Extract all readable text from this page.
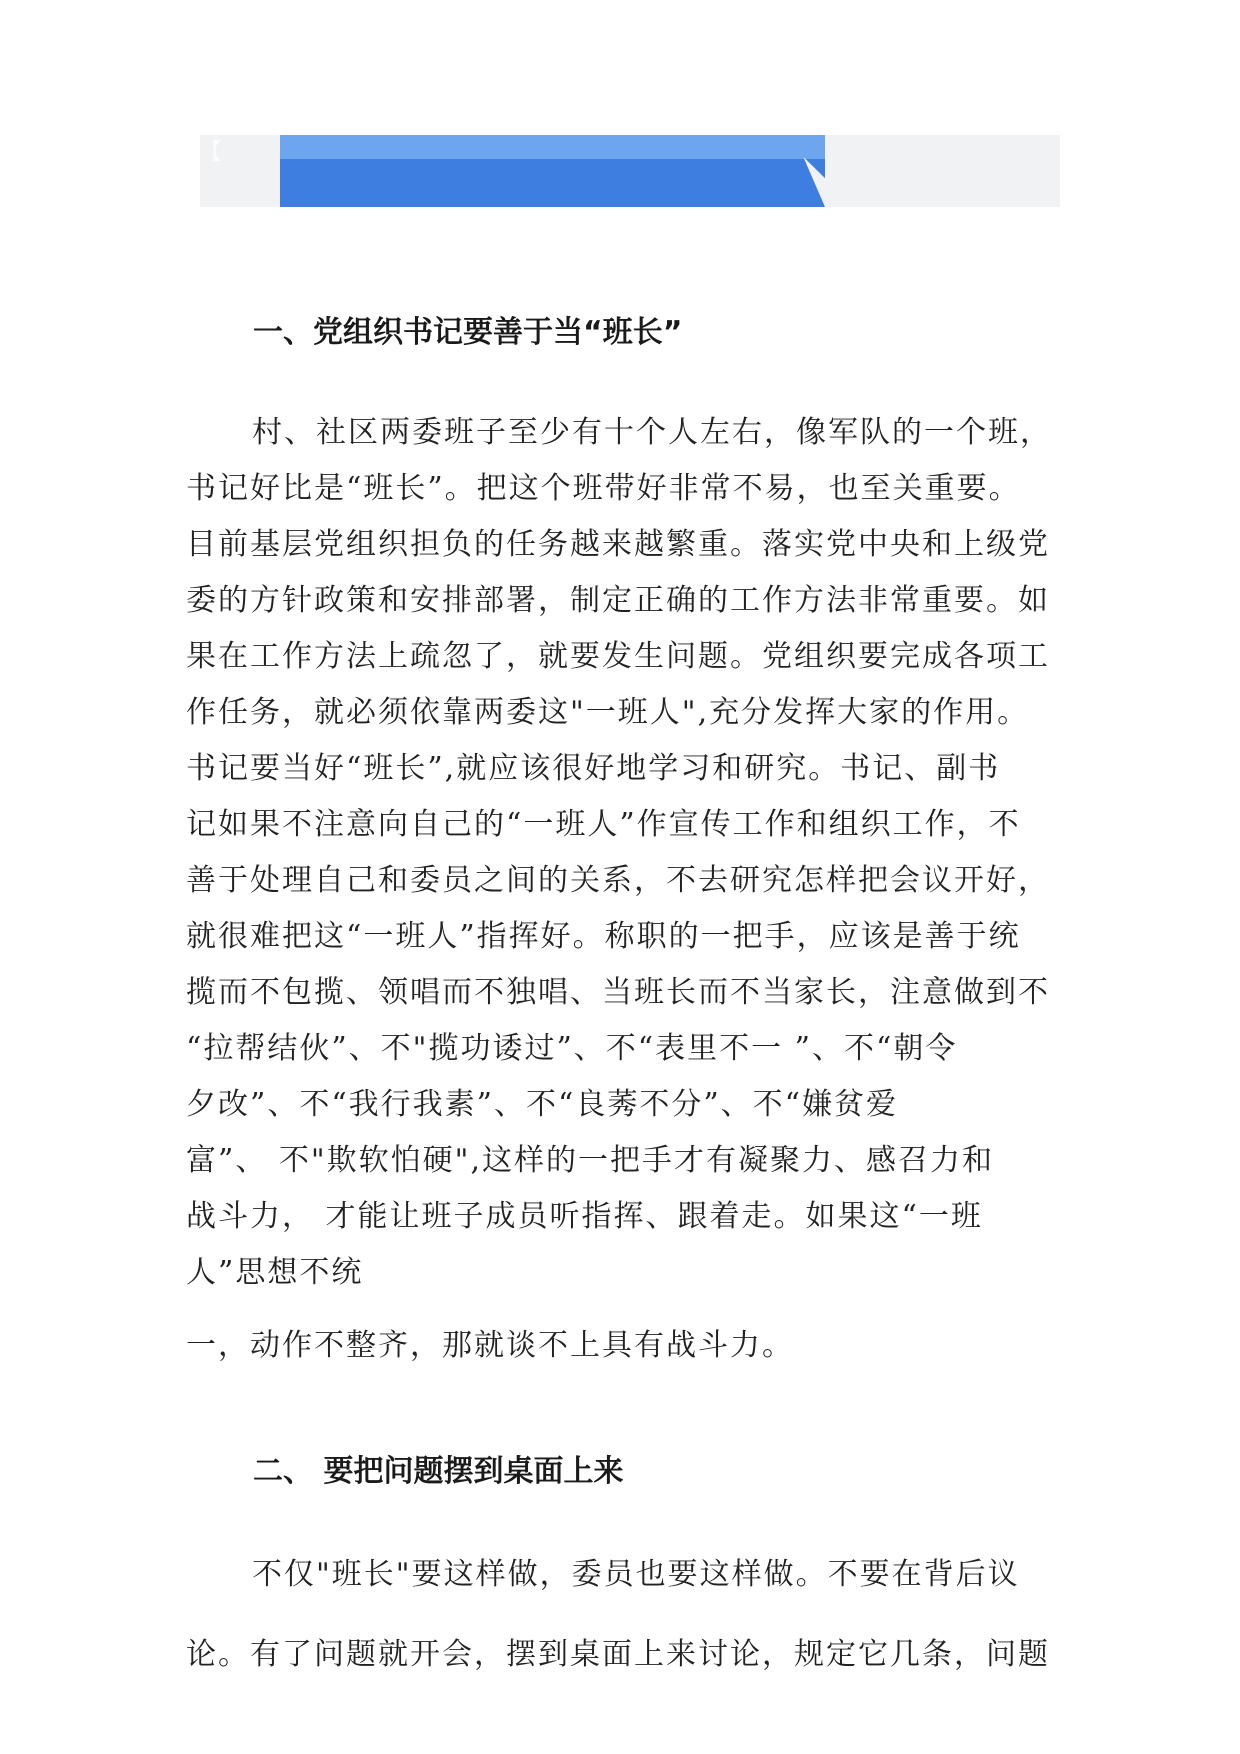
【
一、党组织书记要善于当“班长”
村、社区两委班子至少有十个人左右，像军队的一个班，
书记好比是“班长”。把这个班带好非常不易，也至关重要。
目前基层党组织担负的任务越来越繁重。落实党中央和上级党
委的方针政策和安排部署，制定正确的工作方法非常重要。如
果在工作方法上疏忽了，就要发生问题。党组织要完成各项工
作任务，就必须依靠两委这"一班人",充分发挥大家的作用。
书记要当好“班长”,就应该很好地学习和研究。书记、副书
记如果不注意向自己的“一班人”作宣传工作和组织工作，不
善于处理自己和委员之间的关系，不去研究怎样把会议开好，
就很难把这“一班人”指挥好。称职的一把手，应该是善于统
揽而不包揽、领唱而不独唱、当班长而不当家长，注意做到不
“拉帮结伙”、不"揽功诿过”、不“表里不一 ”、不“朝令
夕改”、不“我行我素”、不“良莠不分”、不“嫌贫爱
富”、 不"欺软怕硬",这样的一把手才有凝聚力、感召力和
战斗力， 才能让班子成员听指挥、跟着走。如果这“一班
人”思想不统
一，动作不整齐，那就谈不上具有战斗力。
二、 要把问题摆到桌面上来
不仅"班长"要这样做，委员也要这样做。不要在背后议
论。有了问题就开会，摆到桌面上来讨论，规定它几条，问题
